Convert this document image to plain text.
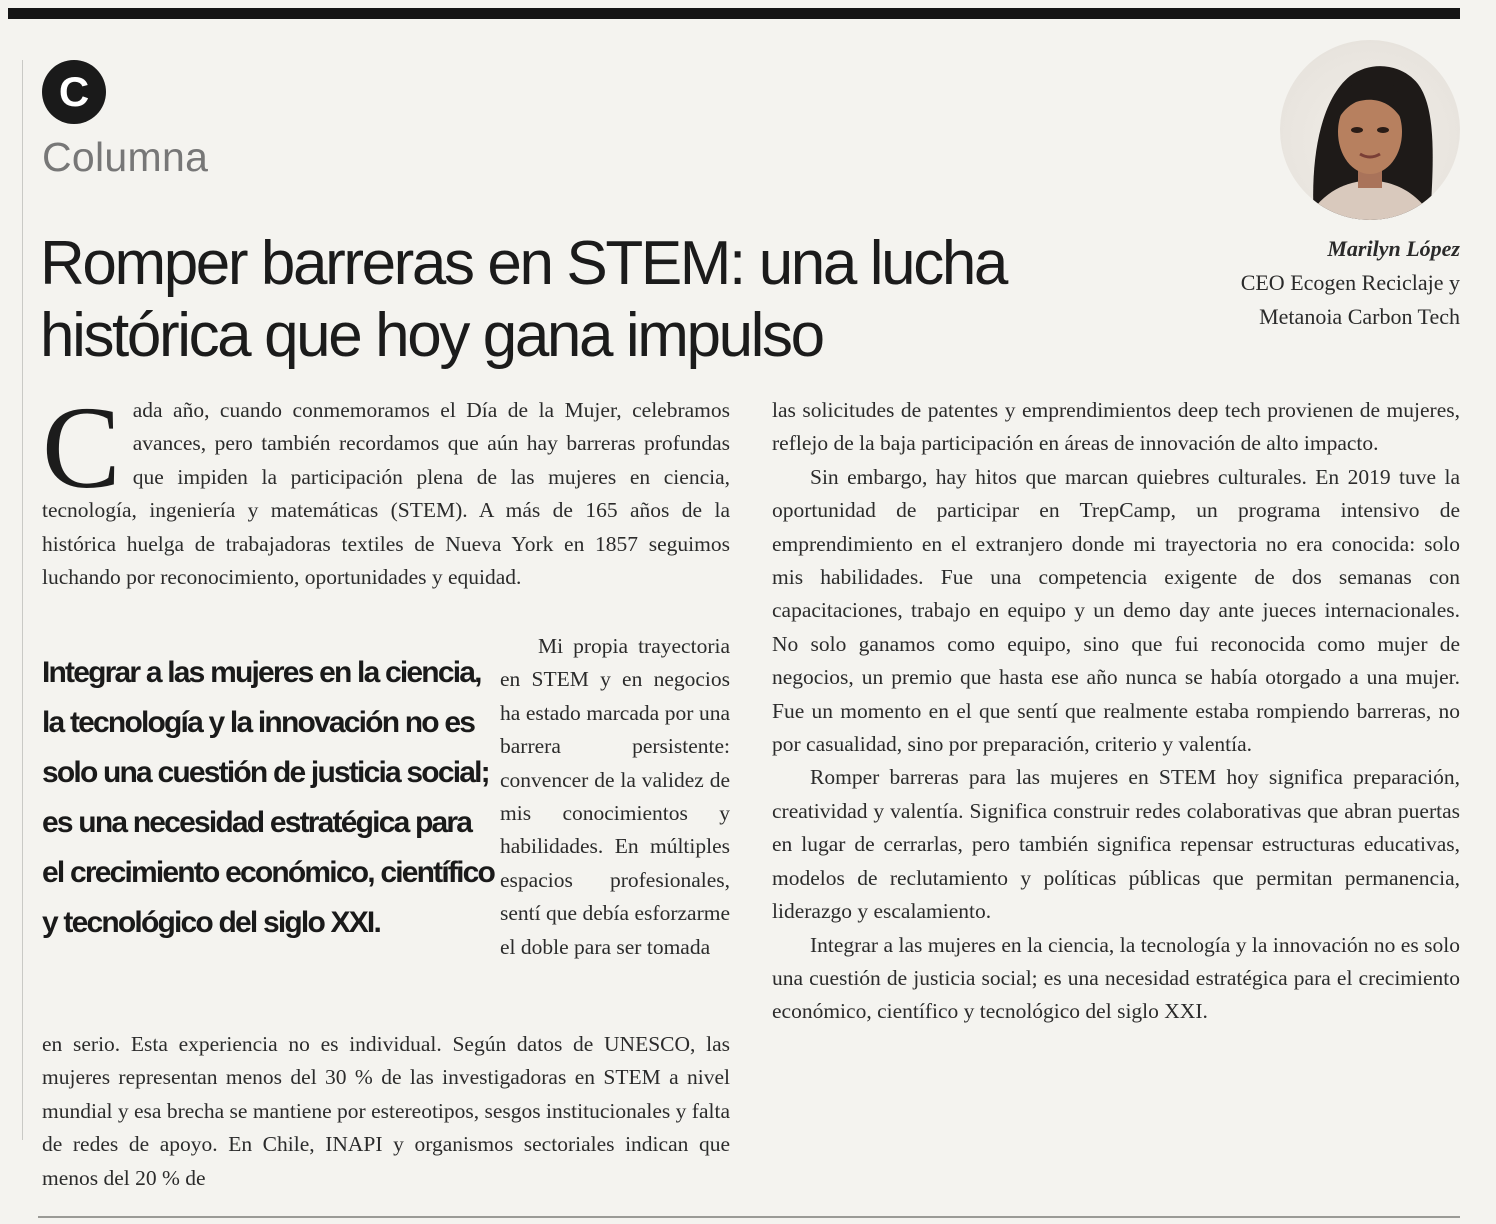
C
Columna
Romper barreras en STEM: una lucha histórica que hoy gana impulso
Marilyn López
CEO Ecogen Reciclaje y
Metanoia Carbon Tech
C ada año, cuando conmemoramos el Día de la Mujer, celebramos avances, pero también recordamos que aún hay barreras profundas que impiden la participación plena de las mujeres en ciencia, tecnología, ingeniería y matemáticas (STEM). A más de 165 años de la histórica huelga de trabajadoras textiles de Nueva York en 1857 seguimos luchando por reconocimiento, oportunidades y equidad.

Integrar a las mujeres en la ciencia, la tecnología y la innovación no es solo una cuestión de justicia social; es una necesidad estratégica para el crecimiento económico, científico y tecnológico del siglo XXI.

Mi propia trayectoria en STEM y en negocios ha estado marcada por una barrera persistente: convencer de la validez de mis conocimientos y habilidades. En múltiples espacios profesionales, sentí que debía esforzarme el doble para ser tomada

en serio. Esta experiencia no es individual. Según datos de UNESCO, las mujeres representan menos del 30 % de las investigadoras en STEM a nivel mundial y esa brecha se mantiene por estereotipos, sesgos institucionales y falta de redes de apoyo. En Chile, INAPI y organismos sectoriales indican que menos del 20 % de

las solicitudes de patentes y emprendimientos deep tech provienen de mujeres, reflejo de la baja participación en áreas de innovación de alto impacto.

Sin embargo, hay hitos que marcan quiebres culturales. En 2019 tuve la oportunidad de participar en TrepCamp, un programa intensivo de emprendimiento en el extranjero donde mi trayectoria no era conocida: solo mis habilidades. Fue una competencia exigente de dos semanas con capacitaciones, trabajo en equipo y un demo day ante jueces internacionales. No solo ganamos como equipo, sino que fui reconocida como mujer de negocios, un premio que hasta ese año nunca se había otorgado a una mujer. Fue un momento en el que sentí que realmente estaba rompiendo barreras, no por casualidad, sino por preparación, criterio y valentía.

Romper barreras para las mujeres en STEM hoy significa preparación, creatividad y valentía. Significa construir redes colaborativas que abran puertas en lugar de cerrarlas, pero también significa repensar estructuras educativas, modelos de reclutamiento y políticas públicas que permitan permanencia, liderazgo y escalamiento.

Integrar a las mujeres en la ciencia, la tecnología y la innovación no es solo una cuestión de justicia social; es una necesidad estratégica para el crecimiento económico, científico y tecnológico del siglo XXI.
